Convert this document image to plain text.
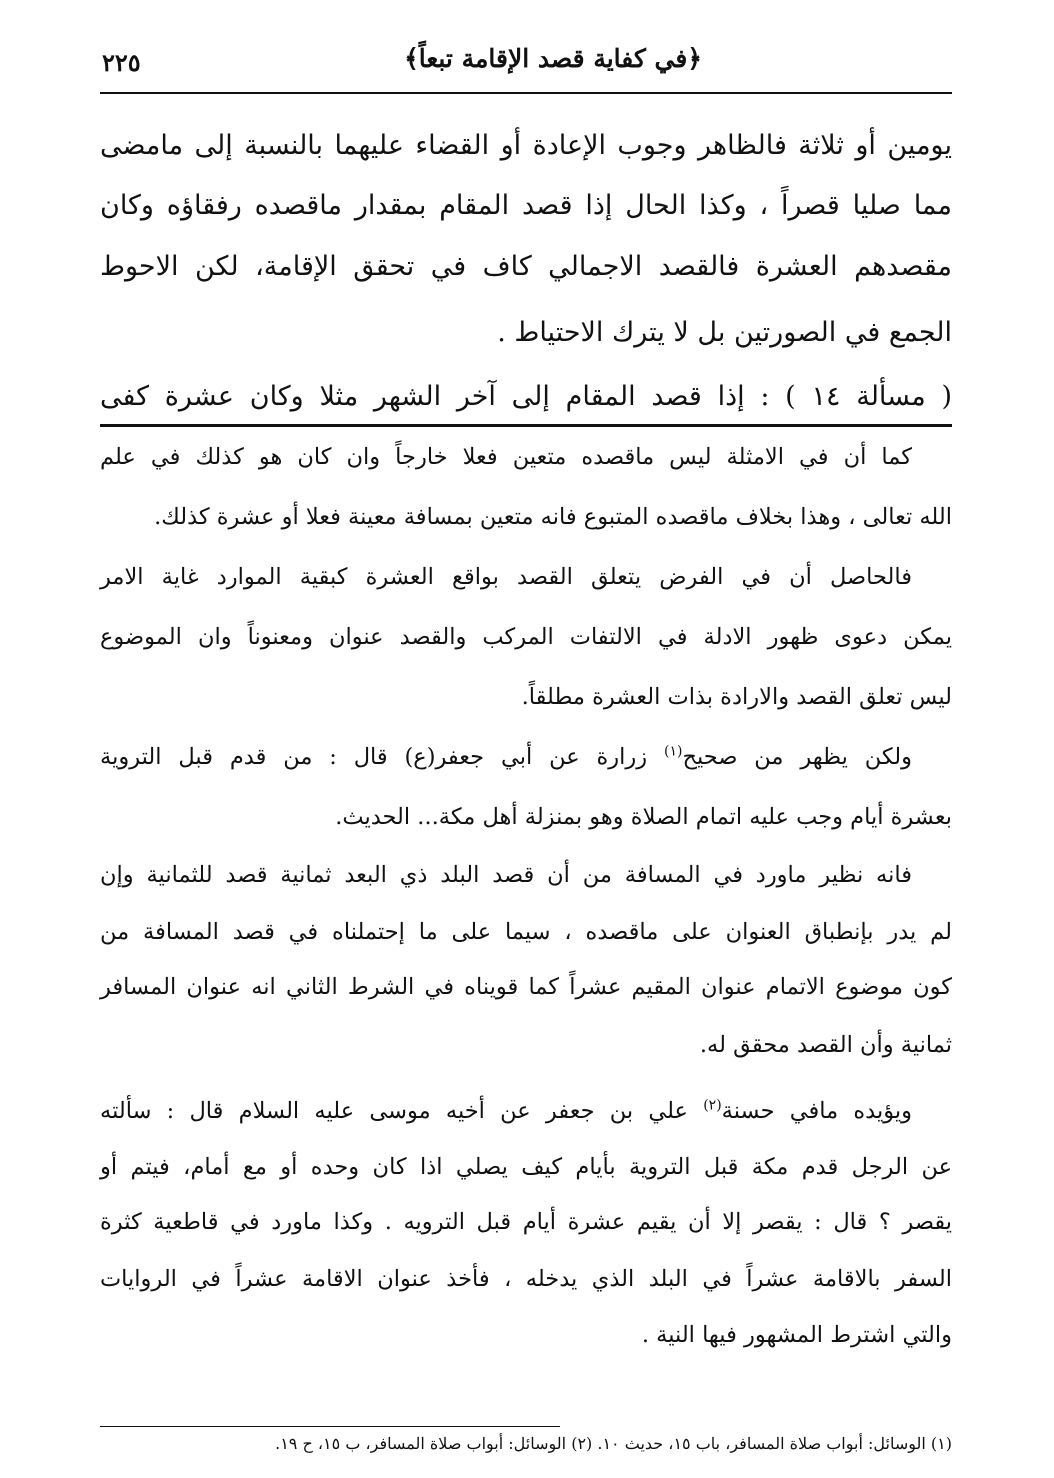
﴿في كفاية قصد الإقامة تبعاً﴾
٢٢٥
يومين أو ثلاثة فالظاهر وجوب الإعادة أو القضاء عليهما بالنسبة إلى مامضى
مما صليا قصراً ، وكذا الحال إذا قصد المقام بمقدار ماقصده رفقاؤه وكان
مقصدهم العشرة فالقصد الاجمالي كاف في تحقق الإقامة، لكن الاحوط
الجمع في الصورتين بل لا يترك الاحتياط .
( مسألة ١٤ ) : إذا قصد المقام إلى آخر الشهر مثلا وكان عشرة كفى
كما أن في الامثلة ليس ماقصده متعين فعلا خارجاً وان كان هو كذلك في علم
الله تعالى ، وهذا بخلاف ماقصده المتبوع فانه متعين بمسافة معينة فعلا أو عشرة كذلك.
فالحاصل أن في الفرض يتعلق القصد بواقع العشرة كبقية الموارد غاية الامر
يمكن دعوى ظهور الادلة في الالتفات المركب والقصد عنوان ومعنوناً وان الموضوع
ليس تعلق القصد والارادة بذات العشرة مطلقاً.
ولكن يظهر من صحيح$^{(١)}$ زرارة عن أبي جعفر(ع) قال : من قدم قبل التروية
بعشرة أيام وجب عليه اتمام الصلاة وهو بمنزلة أهل مكة... الحديث.
فانه نظير ماورد في المسافة من أن قصد البلد ذي البعد ثمانية قصد للثمانية وإن
لم يدر بإنطباق العنوان على ماقصده ، سيما على ما إحتملناه في قصد المسافة من
كون موضوع الاتمام عنوان المقيم عشراً كما قويناه في الشرط الثاني انه عنوان المسافر
ثمانية وأن القصد محقق له.
ويؤيده مافي حسنة$^{(٢)}$ علي بن جعفر عن أخيه موسى عليه السلام قال : سألته
عن الرجل قدم مكة قبل التروية بأيام كيف يصلي اذا كان وحده أو مع أمام، فيتم أو
يقصر ؟ قال : يقصر إلا أن يقيم عشرة أيام قبل الترويه . وكذا ماورد في قاطعية كثرة
السفر بالاقامة عشراً في البلد الذي يدخله ، فأخذ عنوان الاقامة عشراً في الروايات
والتي اشترط المشهور فيها النية .
(١) الوسائل: أبواب صلاة المسافر، باب ١٥، حديث ١٠. (٢) الوسائل: أبواب صلاة المسافر، ب ١٥، ح ١٩.
